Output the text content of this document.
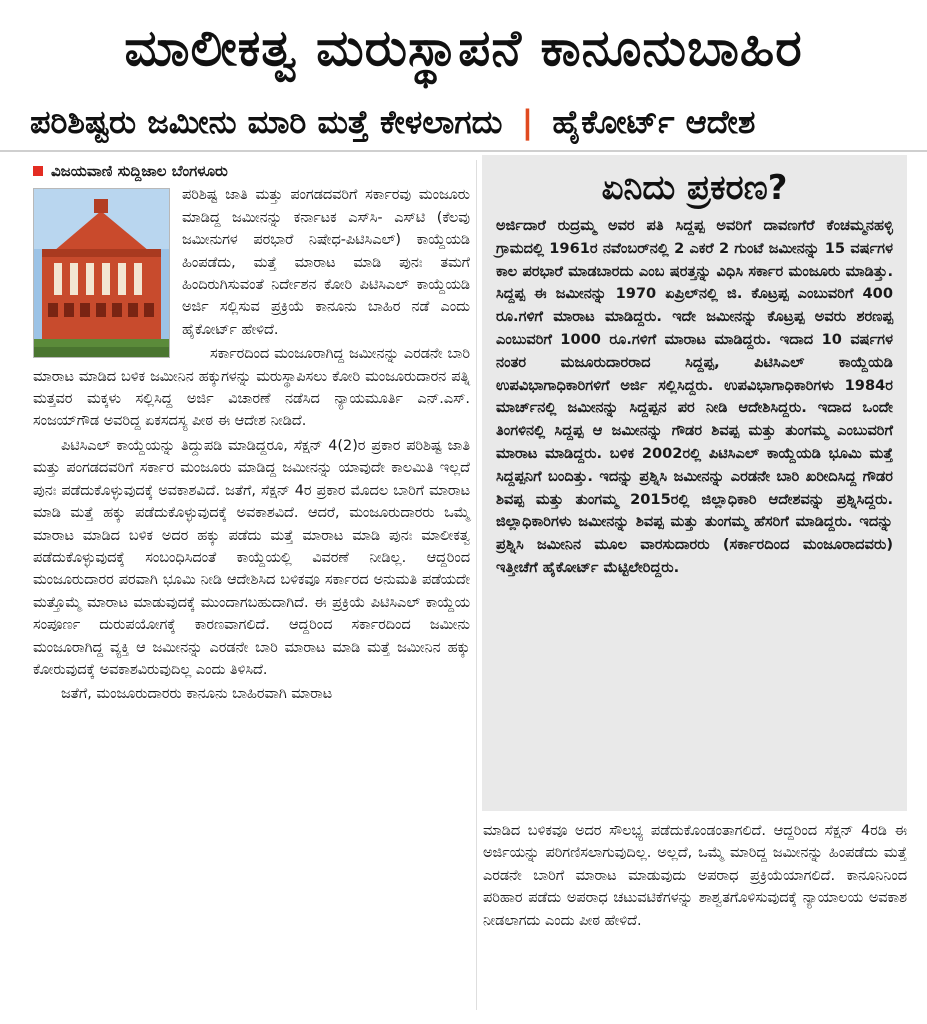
ಮಾಲೀಕತ್ವ ಮರುಸ್ಥಾಪನೆ ಕಾನೂನುಬಾಹಿರ
ಪರಿಶಿಷ್ಟರು ಜಮೀನು ಮಾರಿ ಮತ್ತೆ ಕೇಳಲಾಗದು | ಹೈಕೋರ್ಟ್ ಆದೇಶ
ವಿಜಯವಾಣಿ ಸುದ್ದಿಜಾಲ ಬೆಂಗಳೂರು

ಪರಿಶಿಷ್ಟ ಜಾತಿ ಮತ್ತು ಪಂಗಡದವರಿಗೆ ಸರ್ಕಾರವು ಮಂಜೂರು ಮಾಡಿದ್ದ ಜಮೀನನ್ನು ಕರ್ನಾಟಕ ಎಸ್‌ಸಿ- ಎಸ್‌ಟಿ (ಕೆಲವು ಜಮೀನುಗಳ ಪರಭಾರೆ ನಿಷೇಧ-ಪಿಟಿಸಿಎಲ್) ಕಾಯ್ದೆಯಡಿ ಹಿಂಪಡೆದು, ಮತ್ತೆ ಮಾರಾಟ ಮಾಡಿ ಪುನಃ ತಮಗೆ ಹಿಂದಿರುಗಿಸುವಂತೆ ನಿರ್ದೇಶನ ಕೋರಿ ಪಿಟಿಸಿಎಲ್ ಕಾಯ್ದೆಯಡಿ ಅರ್ಜಿ ಸಲ್ಲಿಸುವ ಪ್ರಕ್ರಿಯೆ ಕಾನೂನು ಬಾಹಿರ ನಡೆ ಎಂದು ಹೈಕೋರ್ಟ್ ಹೇಳಿದೆ.

ಸರ್ಕಾರದಿಂದ ಮಂಜೂರಾಗಿದ್ದ ಜಮೀನನ್ನು ಎರಡನೇ ಬಾರಿ ಮಾರಾಟ ಮಾಡಿದ ಬಳಿಕ ಜಮೀನಿನ ಹಕ್ಕುಗಳನ್ನು ಮರುಸ್ಥಾಪಿಸಲು ಕೋರಿ ಮಂಜೂರುದಾರನ ಪತ್ನಿ ಮತ್ತವರ ಮಕ್ಕಳು ಸಲ್ಲಿಸಿದ್ದ ಅರ್ಜಿ ವಿಚಾರಣೆ ನಡೆಸಿದ ನ್ಯಾಯಮೂರ್ತಿ ಎನ್.ಎಸ್. ಸಂಜಯ್‌ಗೌಡ ಅವರಿದ್ದ ಏಕಸದಸ್ಯ ಪೀಠ ಈ ಆದೇಶ ನೀಡಿದೆ.

ಪಿಟಿಸಿಎಲ್ ಕಾಯ್ದೆಯನ್ನು ತಿದ್ದುಪಡಿ ಮಾಡಿದ್ದರೂ, ಸೆಕ್ಷನ್ 4(2)ರ ಪ್ರಕಾರ ಪರಿಶಿಷ್ಟ ಜಾತಿ ಮತ್ತು ಪಂಗಡದವರಿಗೆ ಸರ್ಕಾರ ಮಂಜೂರು ಮಾಡಿದ್ದ ಜಮೀನನ್ನು ಯಾವುದೇ ಕಾಲಮಿತಿ ಇಲ್ಲದೆ ಪುನಃ ಪಡೆದುಕೊಳ್ಳುವುದಕ್ಕೆ ಅವಕಾಶವಿದೆ. ಜತೆಗೆ, ಸೆಕ್ಷನ್ 4ರ ಪ್ರಕಾರ ಮೊದಲ ಬಾರಿಗೆ ಮಾರಾಟ ಮಾಡಿ ಮತ್ತೆ ಹಕ್ಕು ಪಡೆದುಕೊಳ್ಳುವುದಕ್ಕೆ ಅವಕಾಶವಿದೆ. ಆದರೆ, ಮಂಜೂರುದಾರರು ಒಮ್ಮೆ ಮಾರಾಟ ಮಾಡಿದ ಬಳಿಕ ಅದರ ಹಕ್ಕು ಪಡೆದು ಮತ್ತೆ ಮಾರಾಟ ಮಾಡಿ ಪುನಃ ಮಾಲೀಕತ್ವ ಪಡೆದುಕೊಳ್ಳುವುದಕ್ಕೆ ಸಂಬಂಧಿಸಿದಂತೆ ಕಾಯ್ದೆಯಲ್ಲಿ ವಿವರಣೆ ನೀಡಿಲ್ಲ. ಆದ್ದರಿಂದ ಮಂಜೂರುದಾರರ ಪರವಾಗಿ ಭೂಮಿ ನೀಡಿ ಆದೇಶಿಸಿದ ಬಳಿಕವೂ ಸರ್ಕಾರದ ಅನುಮತಿ ಪಡೆಯದೇ ಮತ್ತೊಮ್ಮೆ ಮಾರಾಟ ಮಾಡುವುದಕ್ಕೆ ಮುಂದಾಗಬಹುದಾಗಿದೆ. ಈ ಪ್ರಕ್ರಿಯೆ ಪಿಟಿಸಿಎಲ್ ಕಾಯ್ದೆಯ ಸಂಪೂರ್ಣ ದುರುಪಯೋಗಕ್ಕೆ ಕಾರಣವಾಗಲಿದೆ. ಆದ್ದರಿಂದ ಸರ್ಕಾರದಿಂದ ಜಮೀನು ಮಂಜೂರಾಗಿದ್ದ ವ್ಯಕ್ತಿ ಆ ಜಮೀನನ್ನು ಎರಡನೇ ಬಾರಿ ಮಾರಾಟ ಮಾಡಿ ಮತ್ತೆ ಜಮೀನಿನ ಹಕ್ಕು ಕೋರುವುದಕ್ಕೆ ಅವಕಾಶವಿರುವುದಿಲ್ಲ ಎಂದು ತಿಳಿಸಿದೆ.

ಜತೆಗೆ, ಮಂಜೂರುದಾರರು ಕಾನೂನು ಬಾಹಿರವಾಗಿ ಮಾರಾಟ

ಏನಿದು ಪ್ರಕರಣ?
ಅರ್ಜಿದಾರೆ ರುದ್ರಮ್ಮ ಅವರ ಪತಿ ಸಿದ್ದಪ್ಪ ಅವರಿಗೆ ದಾವಣಗೆರೆ ಕೆಂಚಮ್ಮನಹಳ್ಳಿ ಗ್ರಾಮದಲ್ಲಿ 1961ರ ನವೆಂಬರ್‌ನಲ್ಲಿ 2 ಎಕರೆ 2 ಗುಂಟೆ ಜಮೀನನ್ನು 15 ವರ್ಷಗಳ ಕಾಲ ಪರಭಾರೆ ಮಾಡಬಾರದು ಎಂಬ ಷರತ್ತನ್ನು ವಿಧಿಸಿ ಸರ್ಕಾರ ಮಂಜೂರು ಮಾಡಿತ್ತು. ಸಿದ್ದಪ್ಪ ಈ ಜಮೀನನ್ನು 1970 ಏಪ್ರಿಲ್‌ನಲ್ಲಿ ಜಿ. ಕೊಟ್ರಪ್ಪ ಎಂಬುವರಿಗೆ 400 ರೂ.ಗಳಿಗೆ ಮಾರಾಟ ಮಾಡಿದ್ದರು. ಇದೇ ಜಮೀನನ್ನು ಕೊಟ್ರಪ್ಪ ಅವರು ಶರಣಪ್ಪ ಎಂಬುವರಿಗೆ 1000 ರೂ.ಗಳಿಗೆ ಮಾರಾಟ ಮಾಡಿದ್ದರು. ಇದಾದ 10 ವರ್ಷಗಳ ನಂತರ ಮಜೂರುದಾರರಾದ ಸಿದ್ದಪ್ಪ, ಪಿಟಿಸಿಎಲ್ ಕಾಯ್ದೆಯಡಿ ಉಪವಿಭಾಗಾಧಿಕಾರಿಗಳಿಗೆ ಅರ್ಜಿ ಸಲ್ಲಿಸಿದ್ದರು. ಉಪವಿಭಾಗಾಧಿಕಾರಿಗಳು 1984ರ ಮಾರ್ಚ್‌ನಲ್ಲಿ ಜಮೀನನ್ನು ಸಿದ್ದಪ್ಪನ ಪರ ನೀಡಿ ಆದೇಶಿಸಿದ್ದರು. ಇದಾದ ಒಂದೇ ತಿಂಗಳಿನಲ್ಲಿ ಸಿದ್ದಪ್ಪ ಆ ಜಮೀನನ್ನು ಗೌಡರ ಶಿವಪ್ಪ ಮತ್ತು ತುಂಗಮ್ಮ ಎಂಬುವರಿಗೆ ಮಾರಾಟ ಮಾಡಿದ್ದರು. ಬಳಿಕ 2002ರಲ್ಲಿ ಪಿಟಿಸಿಎಲ್ ಕಾಯ್ದೆಯಡಿ ಭೂಮಿ ಮತ್ತೆ ಸಿದ್ದಪ್ಪನಿಗೆ ಬಂದಿತ್ತು. ಇದನ್ನು ಪ್ರಶ್ನಿಸಿ ಜಮೀನನ್ನು ಎರಡನೇ ಬಾರಿ ಖರೀದಿಸಿದ್ದ ಗೌಡರ ಶಿವಪ್ಪ ಮತ್ತು ತುಂಗಮ್ಮ 2015ರಲ್ಲಿ ಜಿಲ್ಲಾಧಿಕಾರಿ ಆದೇಶವನ್ನು ಪ್ರಶ್ನಿಸಿದ್ದರು. ಜಿಲ್ಲಾಧಿಕಾರಿಗಳು ಜಮೀನನ್ನು ಶಿವಪ್ಪ ಮತ್ತು ತುಂಗಮ್ಮ ಹೆಸರಿಗೆ ಮಾಡಿದ್ದರು. ಇದನ್ನು ಪ್ರಶ್ನಿಸಿ ಜಮೀನಿನ ಮೂಲ ವಾರಸುದಾರರು (ಸರ್ಕಾರದಿಂದ ಮಂಜೂರಾದವರು) ಇತ್ತೀಚೆಗೆ ಹೈಕೋರ್ಟ್ ಮೆಟ್ಟಿಲೇರಿದ್ದರು.

ಮಾಡಿದ ಬಳಿಕವೂ ಅದರ ಸೌಲಭ್ಯ ಪಡೆದುಕೊಂಡಂತಾಗಲಿದೆ. ಆದ್ದರಿಂದ ಸೆಕ್ಷನ್ 4ರಡಿ ಈ ಅರ್ಜಿಯನ್ನು ಪರಿಗಣಿಸಲಾಗುವುದಿಲ್ಲ. ಅಲ್ಲದೆ, ಒಮ್ಮೆ ಮಾರಿದ್ದ ಜಮೀನನ್ನು ಹಿಂಪಡೆದು ಮತ್ತೆ ಎರಡನೇ ಬಾರಿಗೆ ಮಾರಾಟ ಮಾಡುವುದು ಅಪರಾಧ ಪ್ರಕ್ರಿಯೆಯಾಗಲಿದೆ. ಕಾನೂನಿನಿಂದ ಪರಿಹಾರ ಪಡೆದು ಅಪರಾಧ ಚಟುವಟಿಕೆಗಳನ್ನು ಶಾಶ್ವತಗೊಳಿಸುವುದಕ್ಕೆ ನ್ಯಾಯಾಲಯ ಅವಕಾಶ ನೀಡಲಾಗದು ಎಂದು ಪೀಠ ಹೇಳಿದೆ.
